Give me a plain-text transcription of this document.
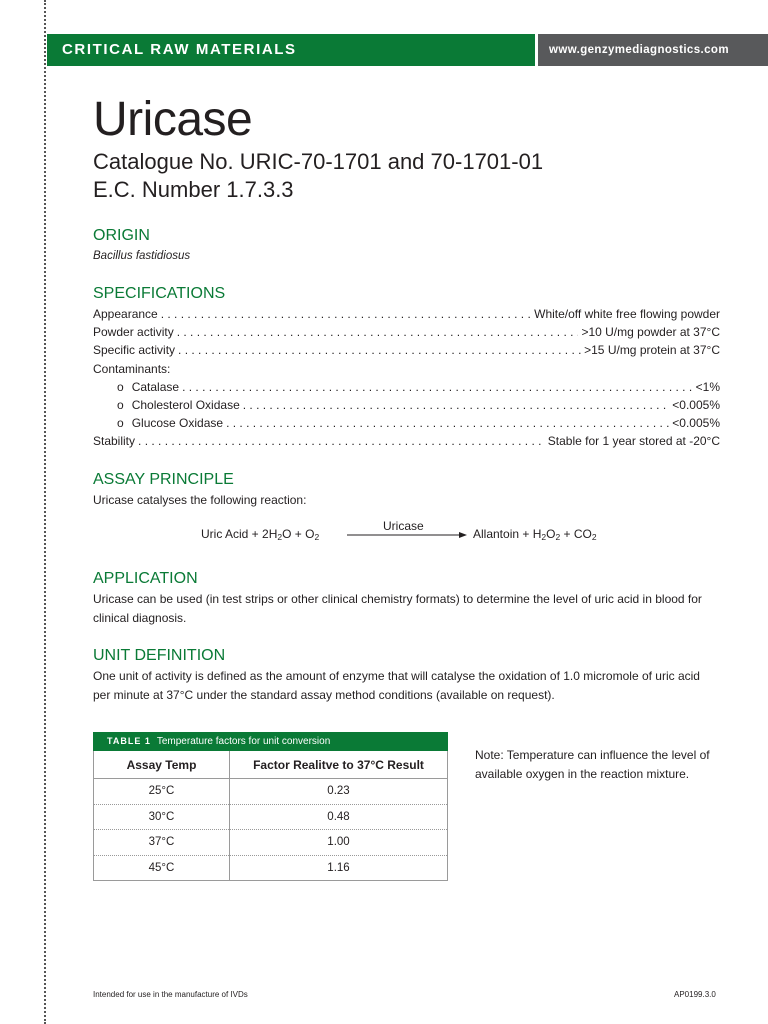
CRITICAL RAW MATERIALS	www.genzymediagnostics.com
Uricase
Catalogue No. URIC-70-1701 and 70-1701-01
E.C. Number 1.7.3.3
ORIGIN
Bacillus fastidiosus
SPECIFICATIONS
Appearance . . .	White/off white free flowing powder
Powder activity . . .	>10 U/mg powder at 37°C
Specific activity . . .	>15 U/mg protein at 37°C
Contaminants:
o Catalase . . .	<1%
o Cholesterol Oxidase . . .	<0.005%
o Glucose Oxidase . . .	<0.005%
Stability . . .	Stable for 1 year stored at -20°C
ASSAY PRINCIPLE
Uricase catalyses the following reaction:
Uric Acid + $2H_2O + O_2$
Uricase
Allantoin + $H_2O_2 + CO_2$
APPLICATION
Uricase can be used (in test strips or other clinical chemistry formats) to determine the level of uric acid in blood for clinical diagnosis.
UNIT DEFINITION
One unit of activity is defined as the amount of enzyme that will catalyse the oxidation of 1.0 micromole of uric acid per minute at 37°C under the standard assay method conditions (available on request).
TABLE 1 Temperature factors for unit conversion
Assay Temp	Factor Realitve to 37°C Result
25°C	0.23
30°C	0.48
37°C	1.00
45°C	1.16
Note: Temperature can influence the level of available oxygen in the reaction mixture.
Intended for use in the manufacture of IVDs	AP0199.3.0
